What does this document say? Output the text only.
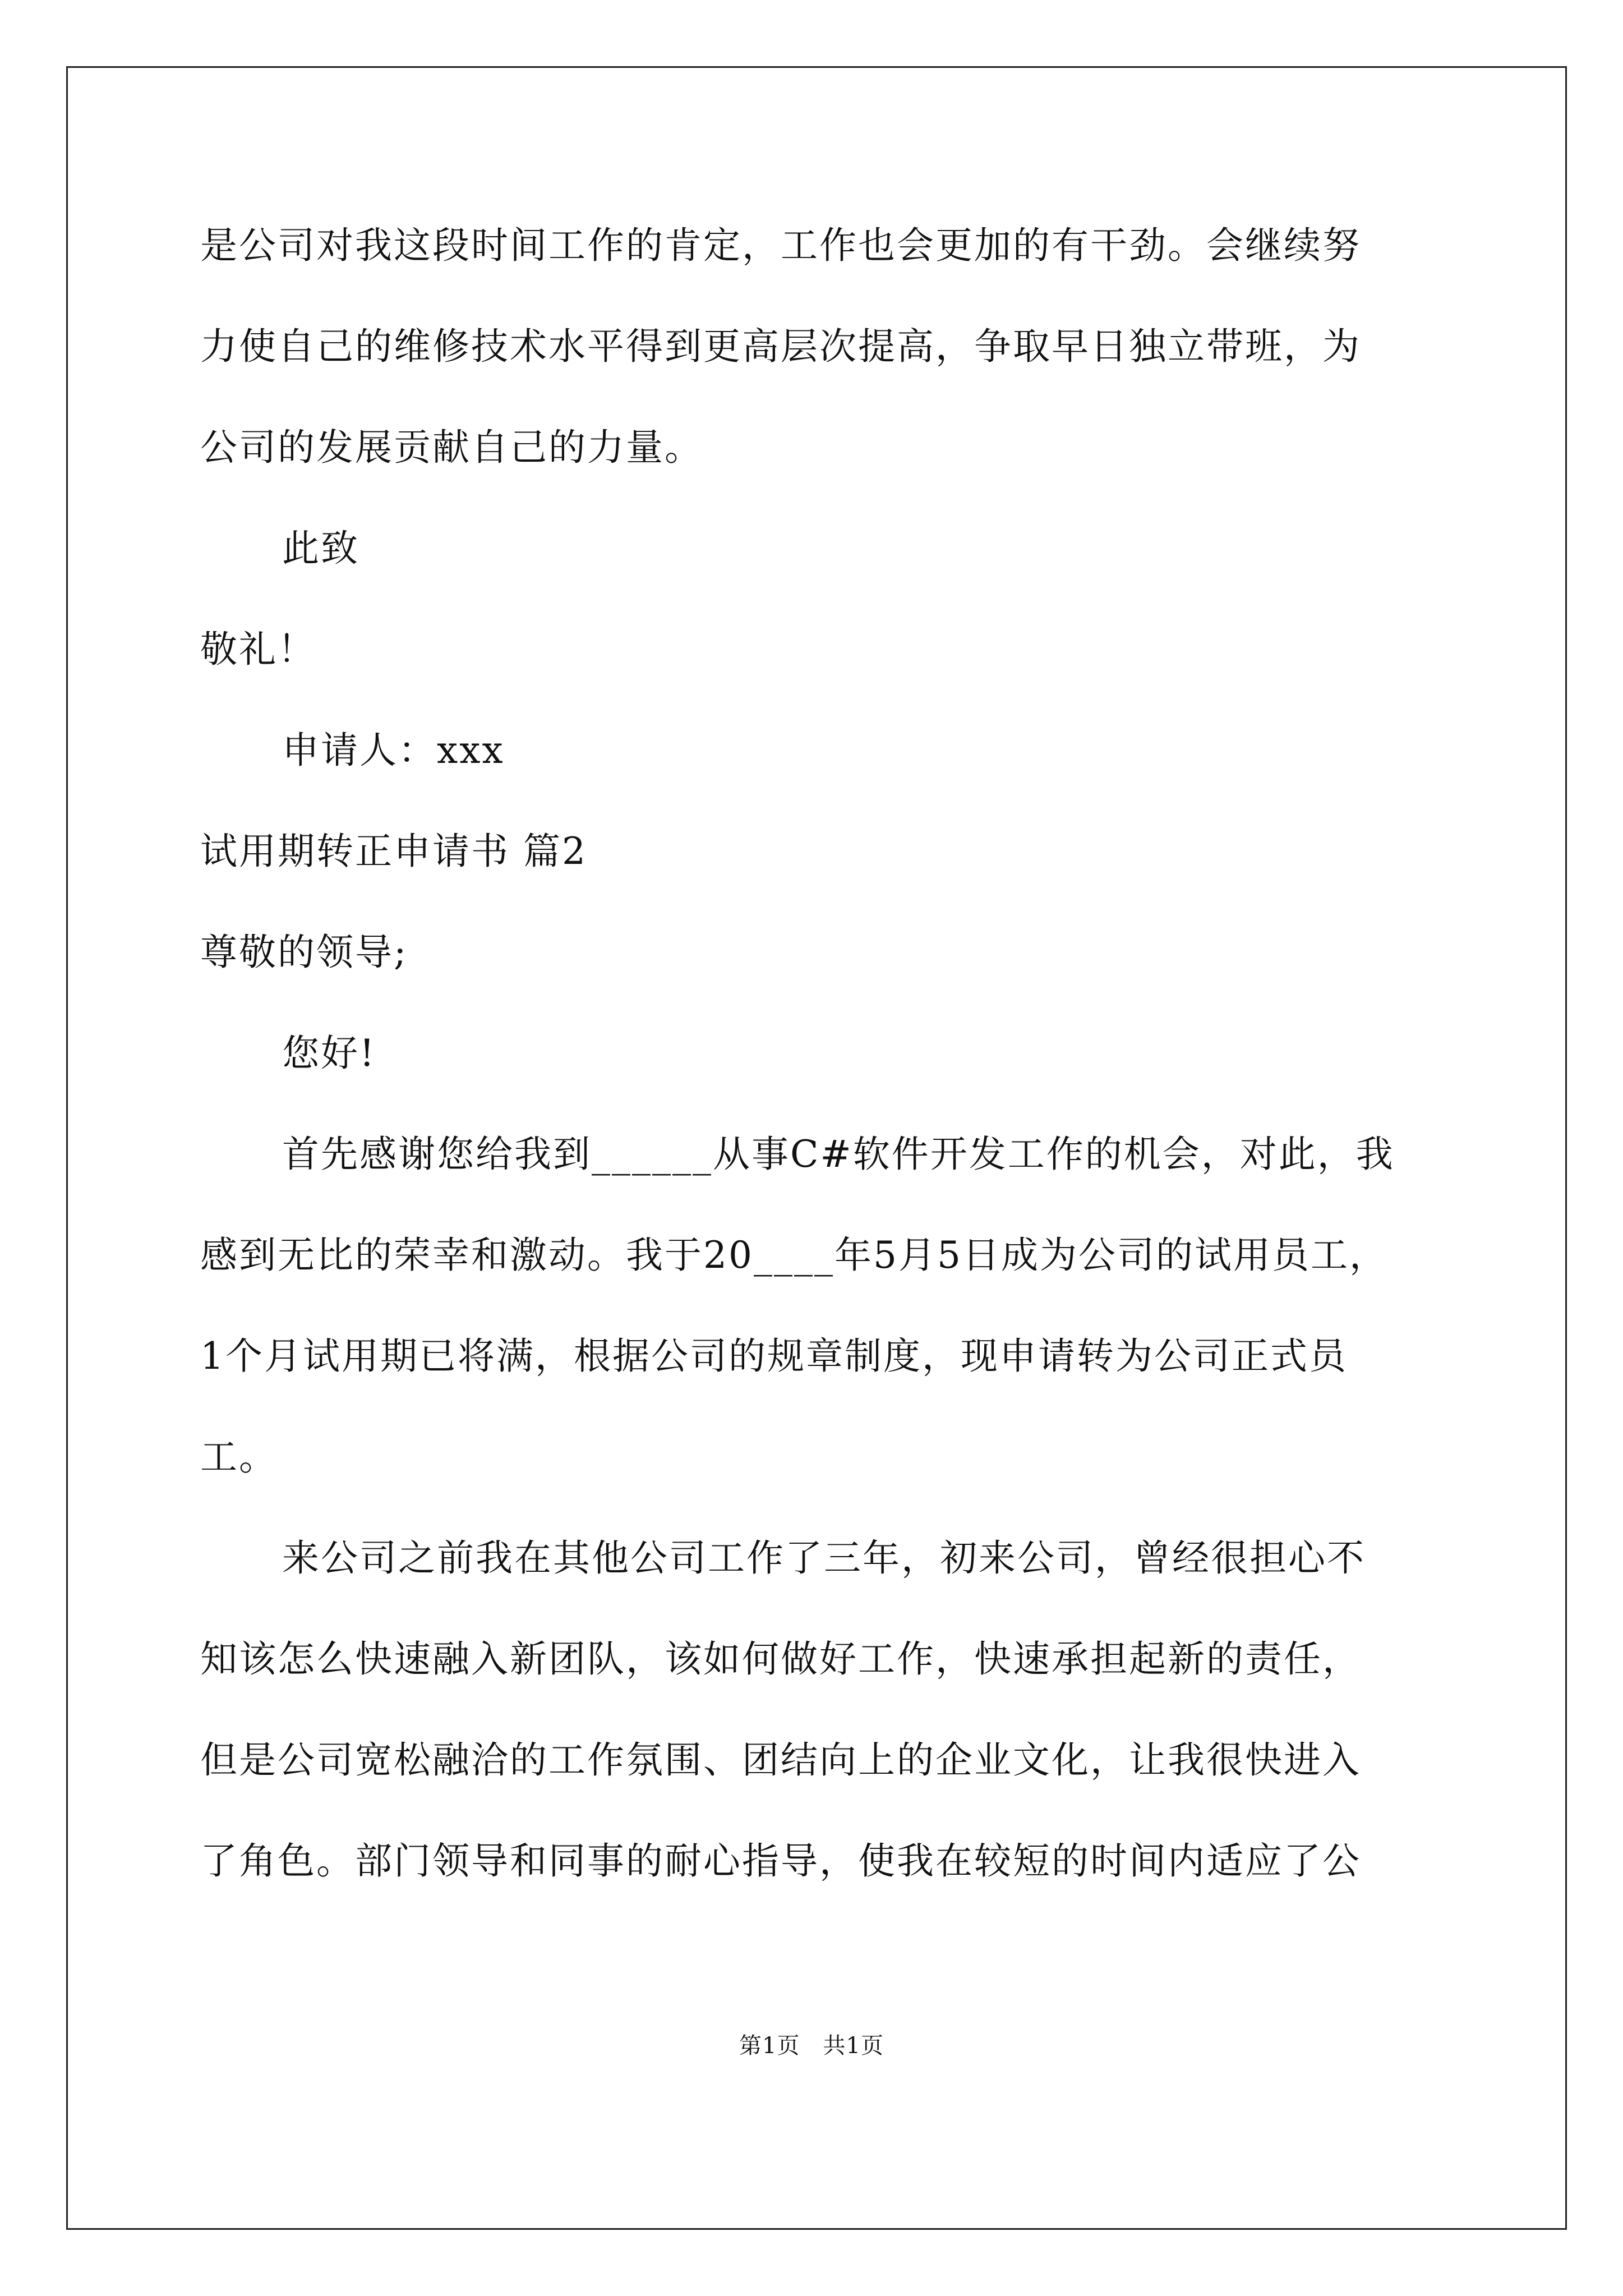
是公司对我这段时间工作的肯定，工作也会更加的有干劲。会继续努
力使自己的维修技术水平得到更高层次提高，争取早日独立带班，为
公司的发展贡献自己的力量。
此致
敬礼！
申请人：xxx
试用期转正申请书 篇2
尊敬的领导;
您好!
首先感谢您给我到______从事C#软件开发工作的机会，对此，我
感到无比的荣幸和激动。我于20____年5月5日成为公司的试用员工，
1个月试用期已将满，根据公司的规章制度，现申请转为公司正式员
工。
来公司之前我在其他公司工作了三年，初来公司，曾经很担心不
知该怎么快速融入新团队，该如何做好工作，快速承担起新的责任，
但是公司宽松融洽的工作氛围、团结向上的企业文化，让我很快进入
了角色。部门领导和同事的耐心指导，使我在较短的时间内适应了公
第1页　共1页
